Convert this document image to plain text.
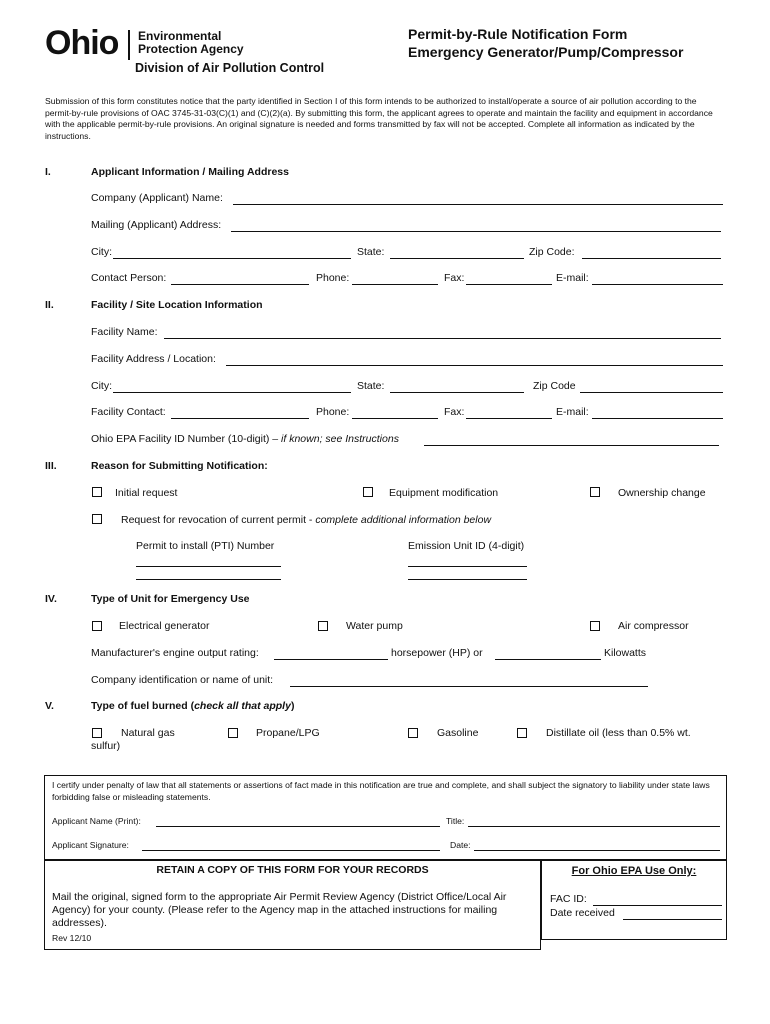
Ohio Environmental
Protection Agency
Division of Air Pollution Control
Permit-by-Rule Notification Form
Emergency Generator/Pump/Compressor
Submission of this form constitutes notice that the party identified in Section I of this form intends to be authorized to install/operate a source of air pollution according to the permit-by-rule provisions of OAC 3745-31-03(C)(1) and (C)(2)(a). By submitting this form, the applicant agrees to operate and maintain the facility and equipment in accordance with the applicable permit-by-rule provisions. An original signature is needed and forms transmitted by fax will not be accepted. Complete all information as indicated by the instructions.
I.	Applicant Information / Mailing Address
Company (Applicant) Name:
Mailing (Applicant) Address:
City:	State:	Zip Code:
Contact Person:	Phone:	Fax:	E-mail:
II.	Facility / Site Location Information
Facility Name:
Facility Address / Location:
City:	State:	Zip Code
Facility Contact:	Phone:	Fax:	E-mail:
Ohio EPA Facility ID Number (10-digit) – if known; see Instructions
III.	Reason for Submitting Notification:
Initial request	Equipment modification	Ownership change
Request for revocation of current permit - complete additional information below
Permit to install (PTI) Number	Emission Unit ID (4-digit)
IV.	Type of Unit for Emergency Use
Electrical generator	Water pump	Air compressor
Manufacturer's engine output rating:	horsepower (HP) or	Kilowatts
Company identification or name of unit:
V.	Type of fuel burned (check all that apply)
Natural gas	Propane/LPG	Gasoline	Distillate oil (less than 0.5% wt.
sulfur)
I certify under penalty of law that all statements or assertions of fact made in this notification are true and complete, and shall subject the signatory to liability under state laws forbidding false or misleading statements.
Applicant Name (Print):	Title:
Applicant Signature:	Date:
RETAIN A COPY OF THIS FORM FOR YOUR RECORDS
Mail the original, signed form to the appropriate Air Permit Review Agency (District Office/Local Air Agency) for your county. (Please refer to the Agency map in the attached instructions for mailing addresses).
Rev 12/10
For Ohio EPA Use Only:
FAC ID:
Date received
